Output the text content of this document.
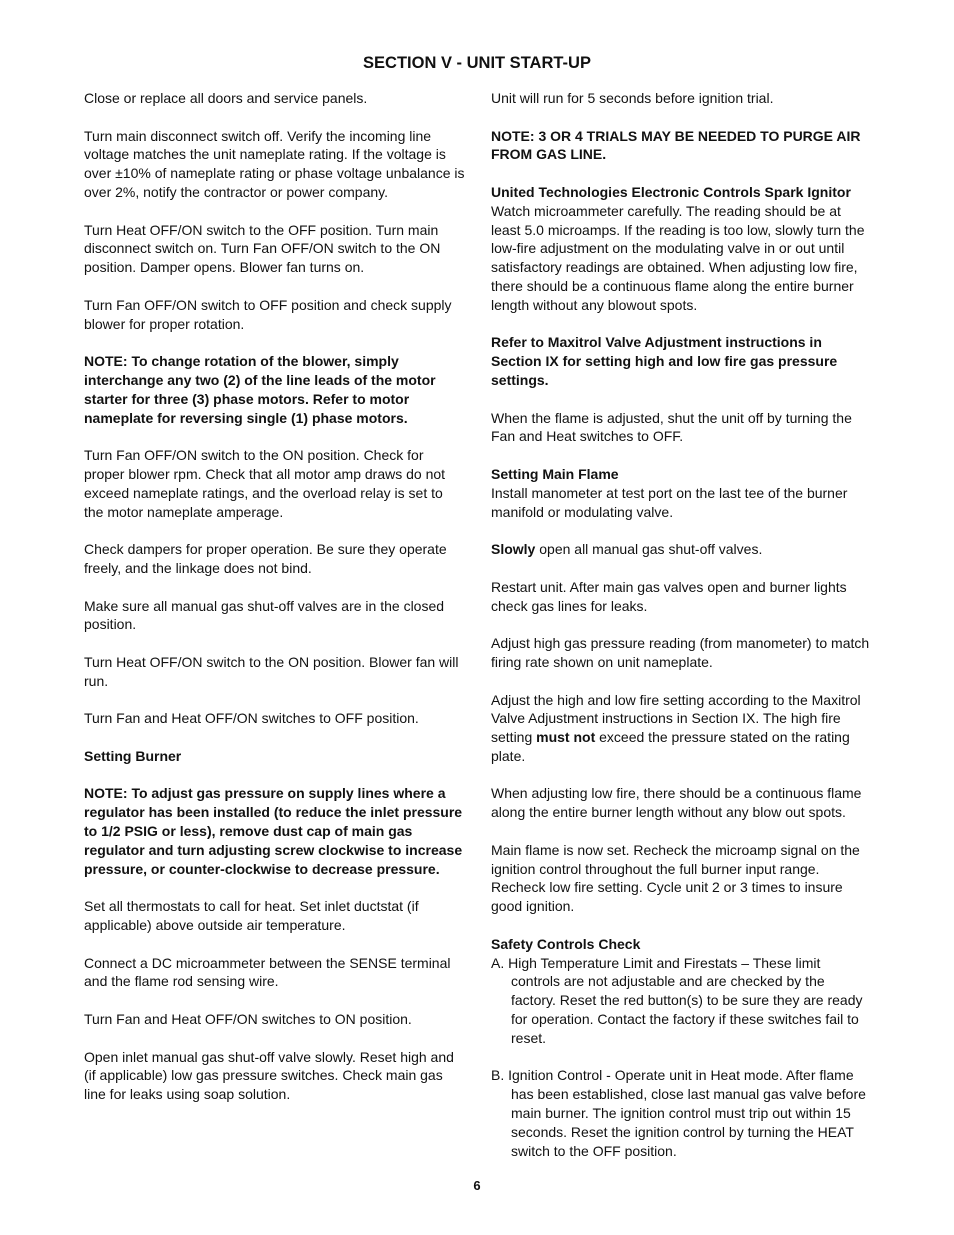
SECTION V - UNIT START-UP

Close or replace all doors and service panels.

Turn main disconnect switch off. Verify the incoming line voltage matches the unit nameplate rating. If the voltage is over ±10% of nameplate rating or phase voltage unbalance is over 2%, notify the contractor or power company.

Turn Heat OFF/ON switch to the OFF position. Turn main disconnect switch on. Turn Fan OFF/ON switch to the ON position. Damper opens. Blower fan turns on.

Turn Fan OFF/ON switch to OFF position and check supply blower for proper rotation.

NOTE: To change rotation of the blower, simply interchange any two (2) of the line leads of the motor starter for three (3) phase motors. Refer to motor nameplate for reversing single (1) phase motors.

Turn Fan OFF/ON switch to the ON position. Check for proper blower rpm. Check that all motor amp draws do not exceed nameplate ratings, and the overload relay is set to the motor nameplate amperage.

Check dampers for proper operation. Be sure they operate freely, and the linkage does not bind.

Make sure all manual gas shut-off valves are in the closed position.

Turn Heat OFF/ON switch to the ON position. Blower fan will run.

Turn Fan and Heat OFF/ON switches to OFF position.

Setting Burner

NOTE: To adjust gas pressure on supply lines where a regulator has been installed (to reduce the inlet pressure to 1/2 PSIG or less), remove dust cap of main gas regulator and turn adjusting screw clockwise to increase pressure, or counter-clockwise to decrease pressure.

Set all thermostats to call for heat. Set inlet ductstat (if applicable) above outside air temperature.

Connect a DC microammeter between the SENSE terminal and the flame rod sensing wire.

Turn Fan and Heat OFF/ON switches to ON position.

Open inlet manual gas shut-off valve slowly. Reset high and (if applicable) low gas pressure switches. Check main gas line for leaks using soap solution.

Unit will run for 5 seconds before ignition trial.

NOTE: 3 OR 4 TRIALS MAY BE NEEDED TO PURGE AIR FROM GAS LINE.

United Technologies Electronic Controls Spark Ignitor
Watch microammeter carefully. The reading should be at least 5.0 microamps. If the reading is too low, slowly turn the low-fire adjustment on the modulating valve in or out until satisfactory readings are obtained. When adjusting low fire, there should be a continuous flame along the entire burner length without any blowout spots.

Refer to Maxitrol Valve Adjustment instructions in Section IX for setting high and low fire gas pressure settings.

When the flame is adjusted, shut the unit off by turning the Fan and Heat switches to OFF.

Setting Main Flame
Install manometer at test port on the last tee of the burner manifold or modulating valve.

Slowly open all manual gas shut-off valves.

Restart unit. After main gas valves open and burner lights check gas lines for leaks.

Adjust high gas pressure reading (from manometer) to match firing rate shown on unit nameplate.

Adjust the high and low fire setting according to the Maxitrol Valve Adjustment instructions in Section IX. The high fire setting must not exceed the pressure stated on the rating plate.

When adjusting low fire, there should be a continuous flame along the entire burner length without any blow out spots.

Main flame is now set. Recheck the microamp signal on the ignition control throughout the full burner input range. Recheck low fire setting. Cycle unit 2 or 3 times to insure good ignition.

Safety Controls Check

A. High Temperature Limit and Firestats – These limit controls are not adjustable and are checked by the factory. Reset the red button(s) to be sure they are ready for operation. Contact the factory if these switches fail to reset.

B. Ignition Control - Operate unit in Heat mode. After flame has been established, close last manual gas valve before main burner. The ignition control must trip out within 15 seconds. Reset the ignition control by turning the HEAT switch to the OFF position.

6
